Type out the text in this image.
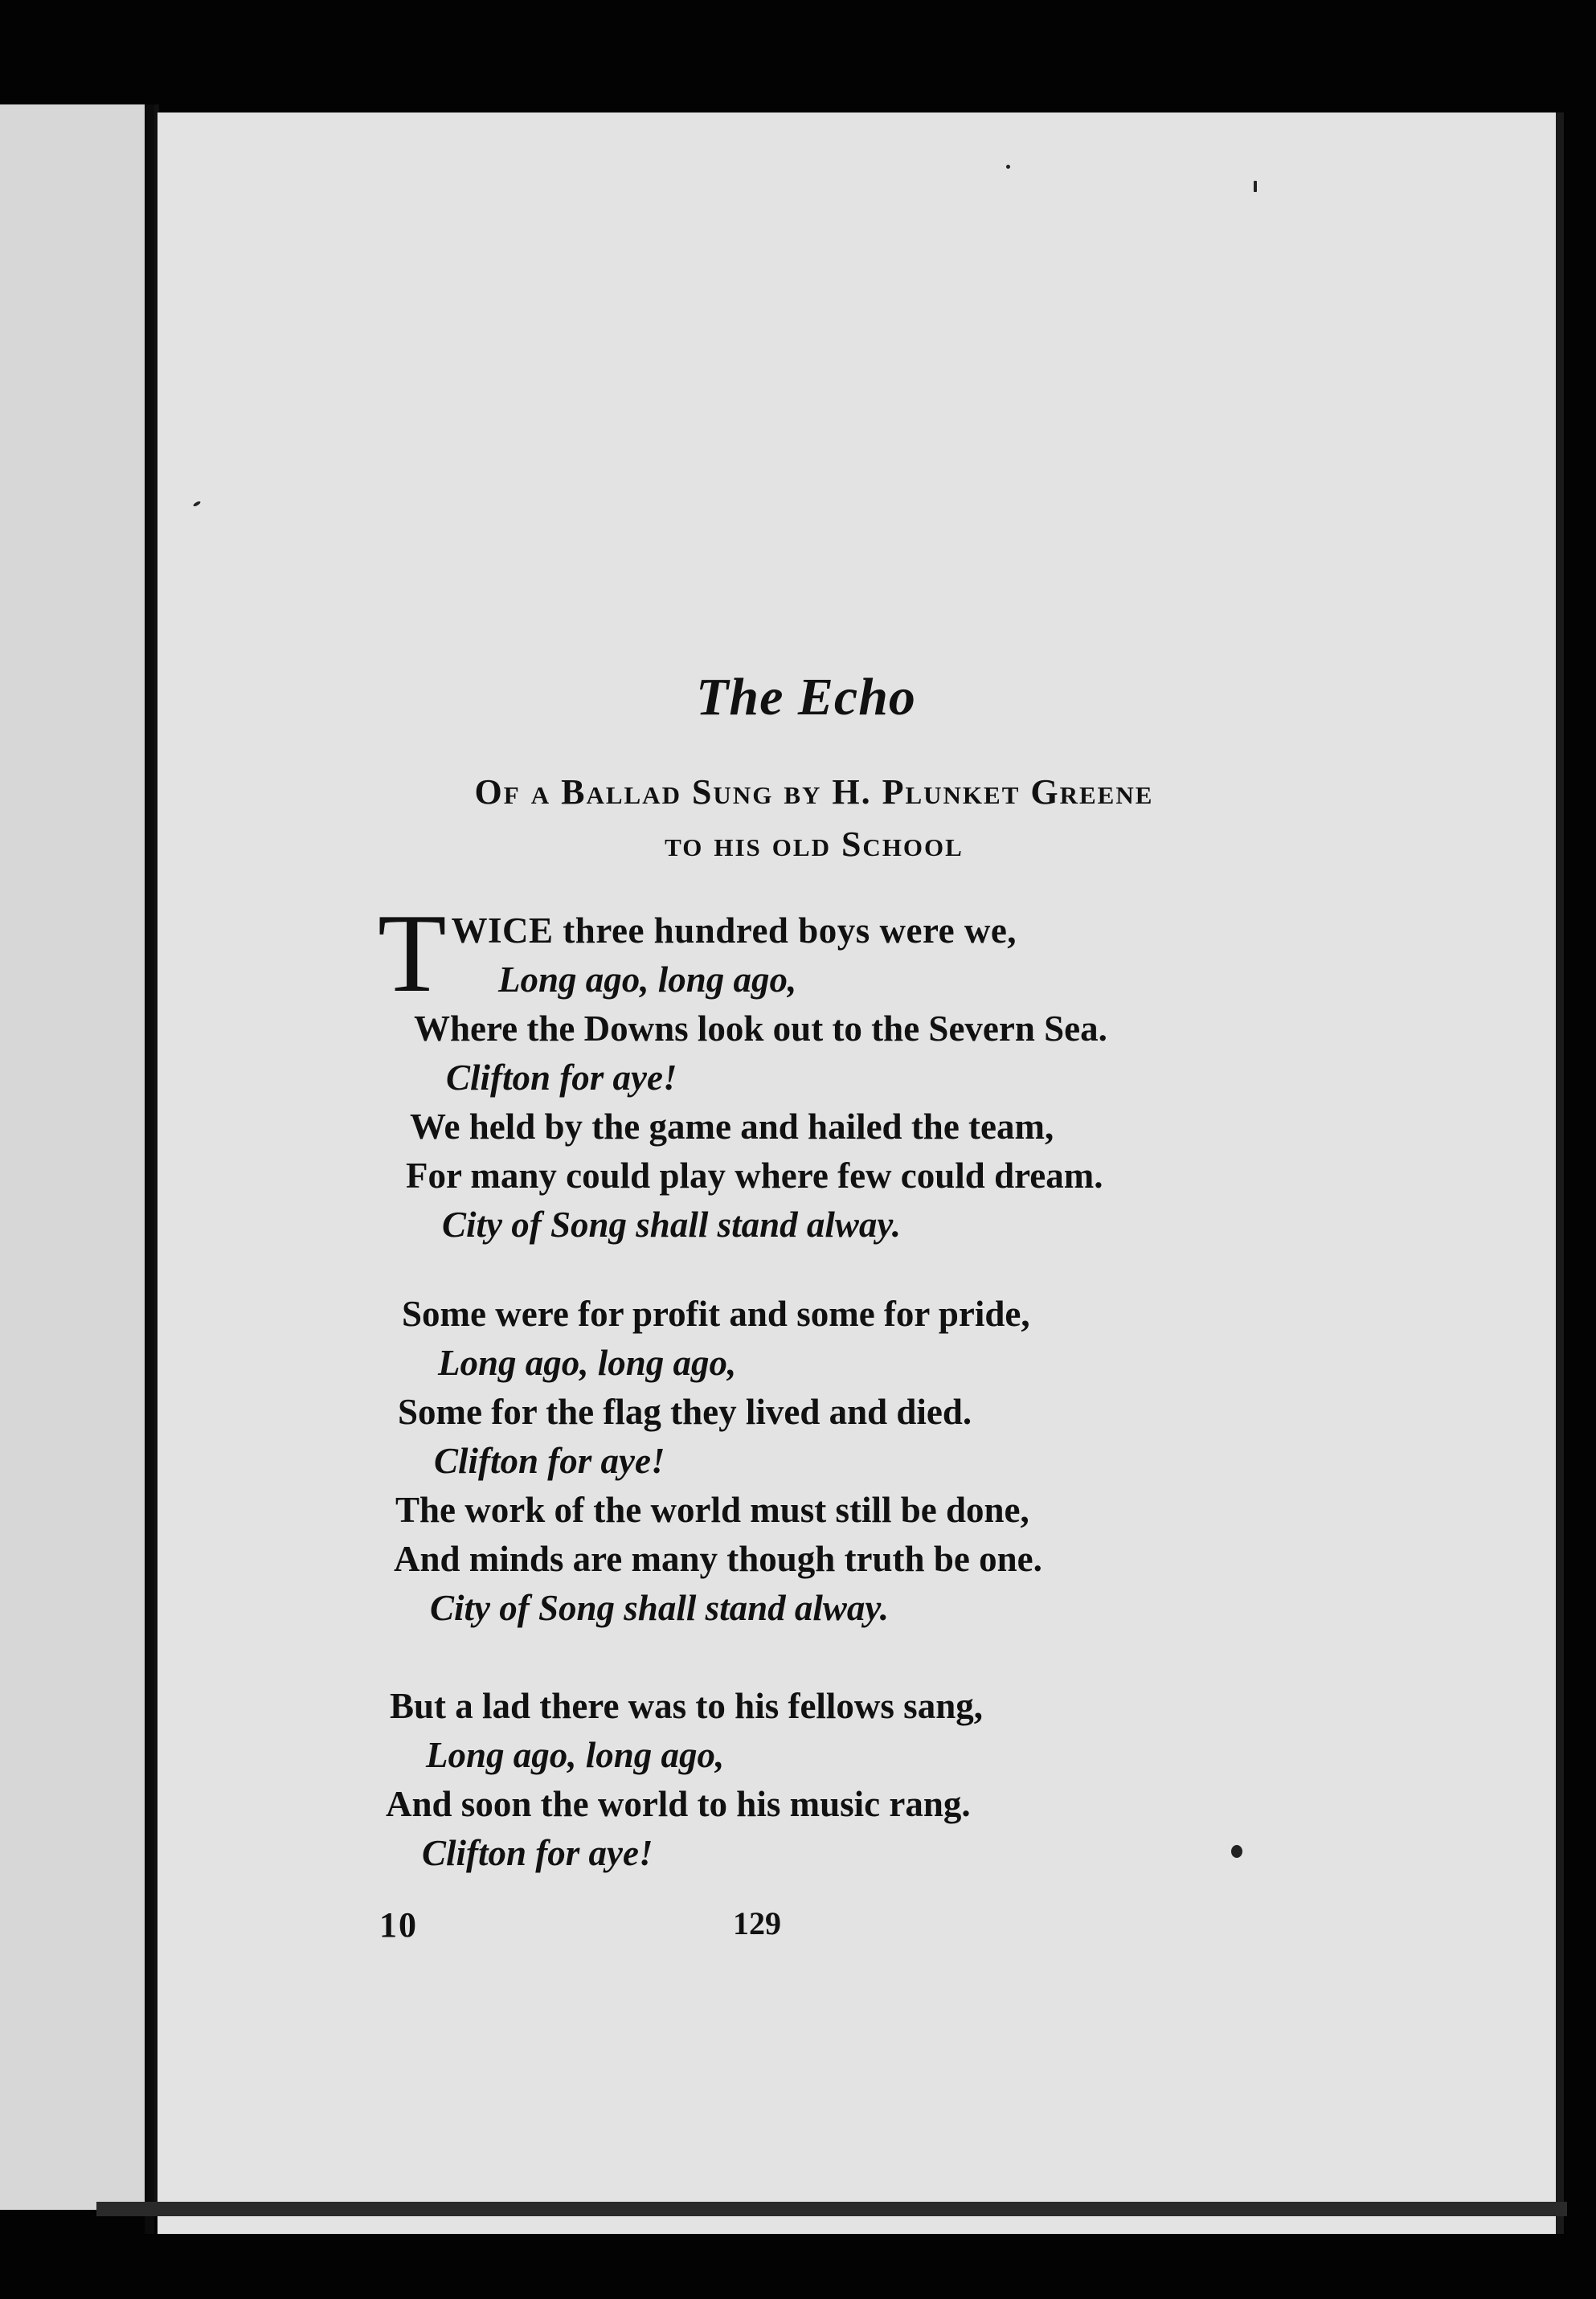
The Echo
Of a Ballad Sung by H. Plunket Greene
to his old School
T WICE three hundred boys were we,
Long ago, long ago,
Where the Downs look out to the Severn Sea.
Clifton for aye!
We held by the game and hailed the team,
For many could play where few could dream.
City of Song shall stand alway.
Some were for profit and some for pride,
Long ago, long ago,
Some for the flag they lived and died.
Clifton for aye!
The work of the world must still be done,
And minds are many though truth be one.
City of Song shall stand alway.
But a lad there was to his fellows sang,
Long ago, long ago,
And soon the world to his music rang.
Clifton for aye!
10	129
